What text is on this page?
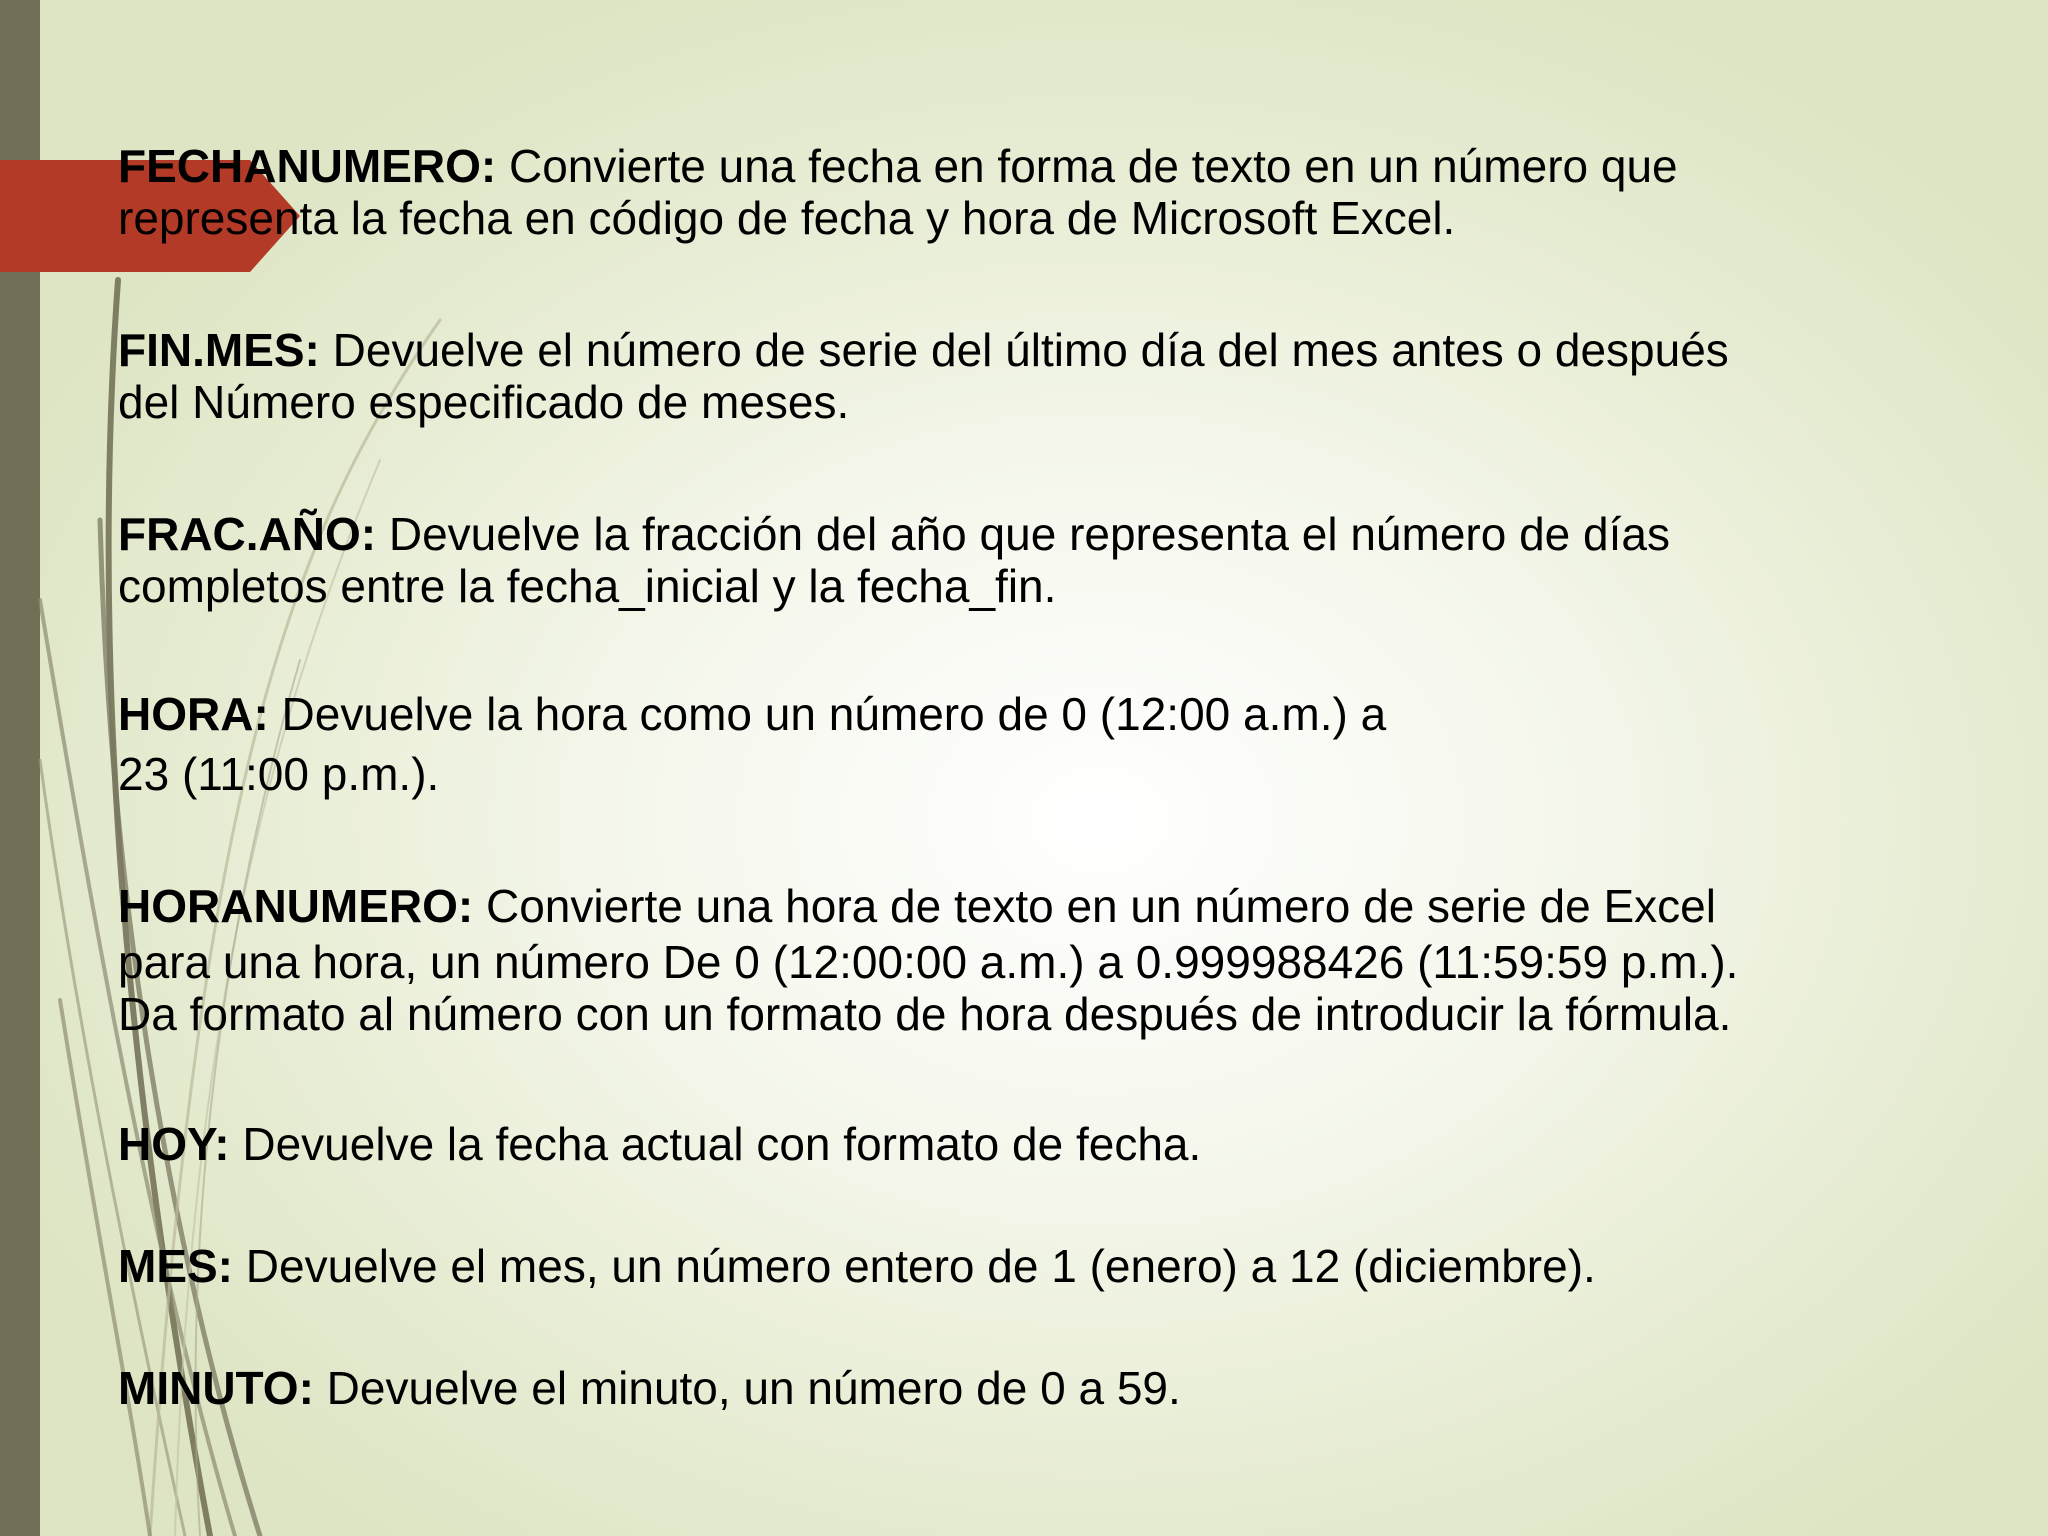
FECHANUMERO: Convierte una fecha en forma de texto en un número que
representa la fecha en código de fecha y hora de Microsoft Excel.
FIN.MES: Devuelve el número de serie del último día del mes antes o después
del Número especificado de meses.
FRAC.AÑO: Devuelve la fracción del año que representa el número de días
completos entre la fecha_inicial y la fecha_fin.
HORA: Devuelve la hora como un número de 0 (12:00 a.m.) a
23 (11:00 p.m.).
HORANUMERO: Convierte una hora de texto en un número de serie de Excel
para una hora, un número De 0 (12:00:00 a.m.) a 0.999988426 (11:59:59 p.m.).
Da formato al número con un formato de hora después de introducir la fórmula.
HOY: Devuelve la fecha actual con formato de fecha.
MES: Devuelve el mes, un número entero de 1 (enero) a 12 (diciembre).
MINUTO: Devuelve el minuto, un número de 0 a 59.
